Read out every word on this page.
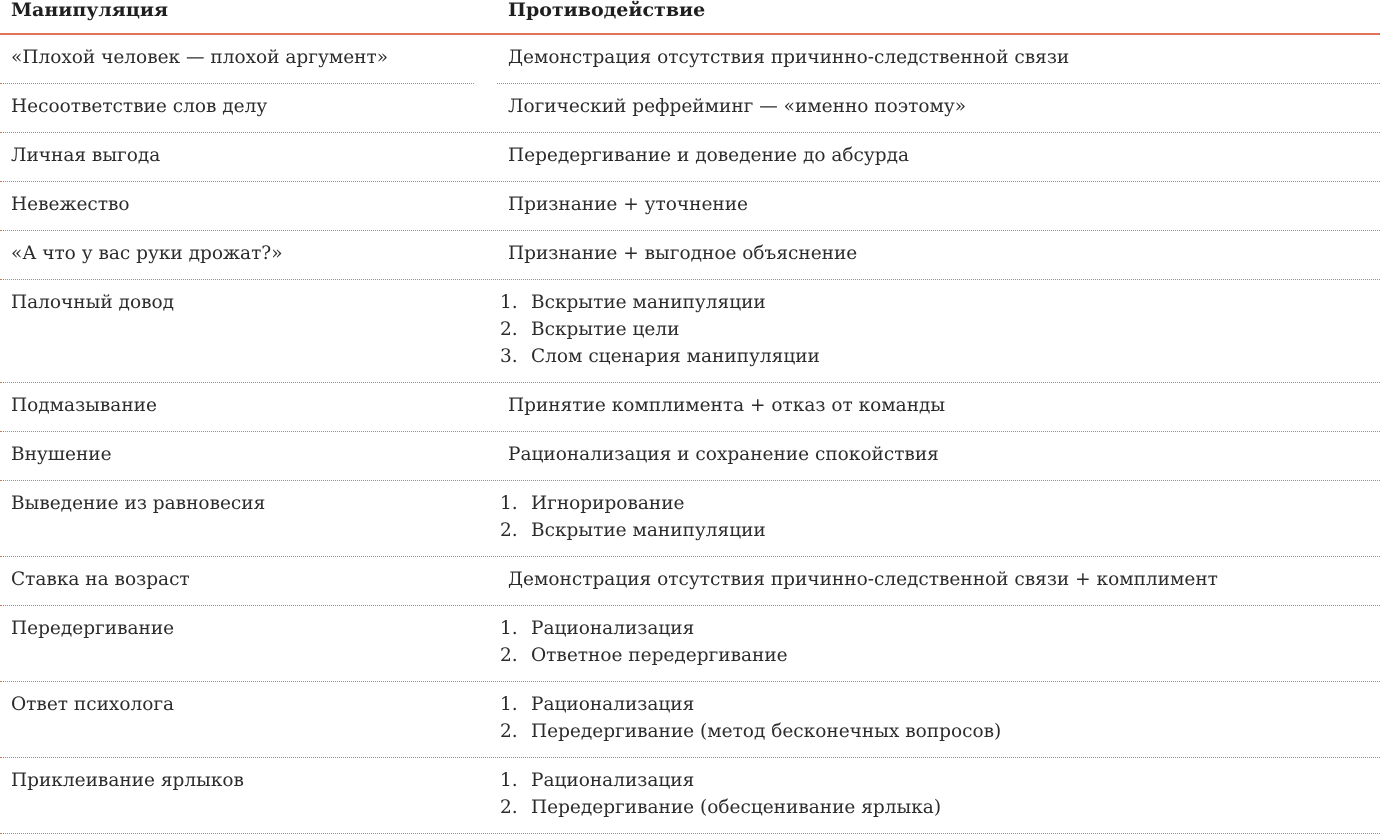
Манипуляция	Противодействие
«Плохой человек — плохой аргумент»	Демонстрация отсутствия причинно-следственной связи
Несоответствие слов делу	Логический рефрейминг — «именно поэтому»
Личная выгода	Передергивание и доведение до абсурда
Невежество	Признание + уточнение
«А что у вас руки дрожат?»	Признание + выгодное объяснение
Палочный довод	1. Вскрытие манипуляции
2. Вскрытие цели
3. Слом сценария манипуляции
Подмазывание	Принятие комплимента + отказ от команды
Внушение	Рационализация и сохранение спокойствия
Выведение из равновесия	1. Игнорирование
2. Вскрытие манипуляции
Ставка на возраст	Демонстрация отсутствия причинно-следственной связи + комплимент
Передергивание	1. Рационализация
2. Ответное передергивание
Ответ психолога	1. Рационализация
2. Передергивание (метод бесконечных вопросов)
Приклеивание ярлыков	1. Рационализация
2. Передергивание (обесценивание ярлыка)
